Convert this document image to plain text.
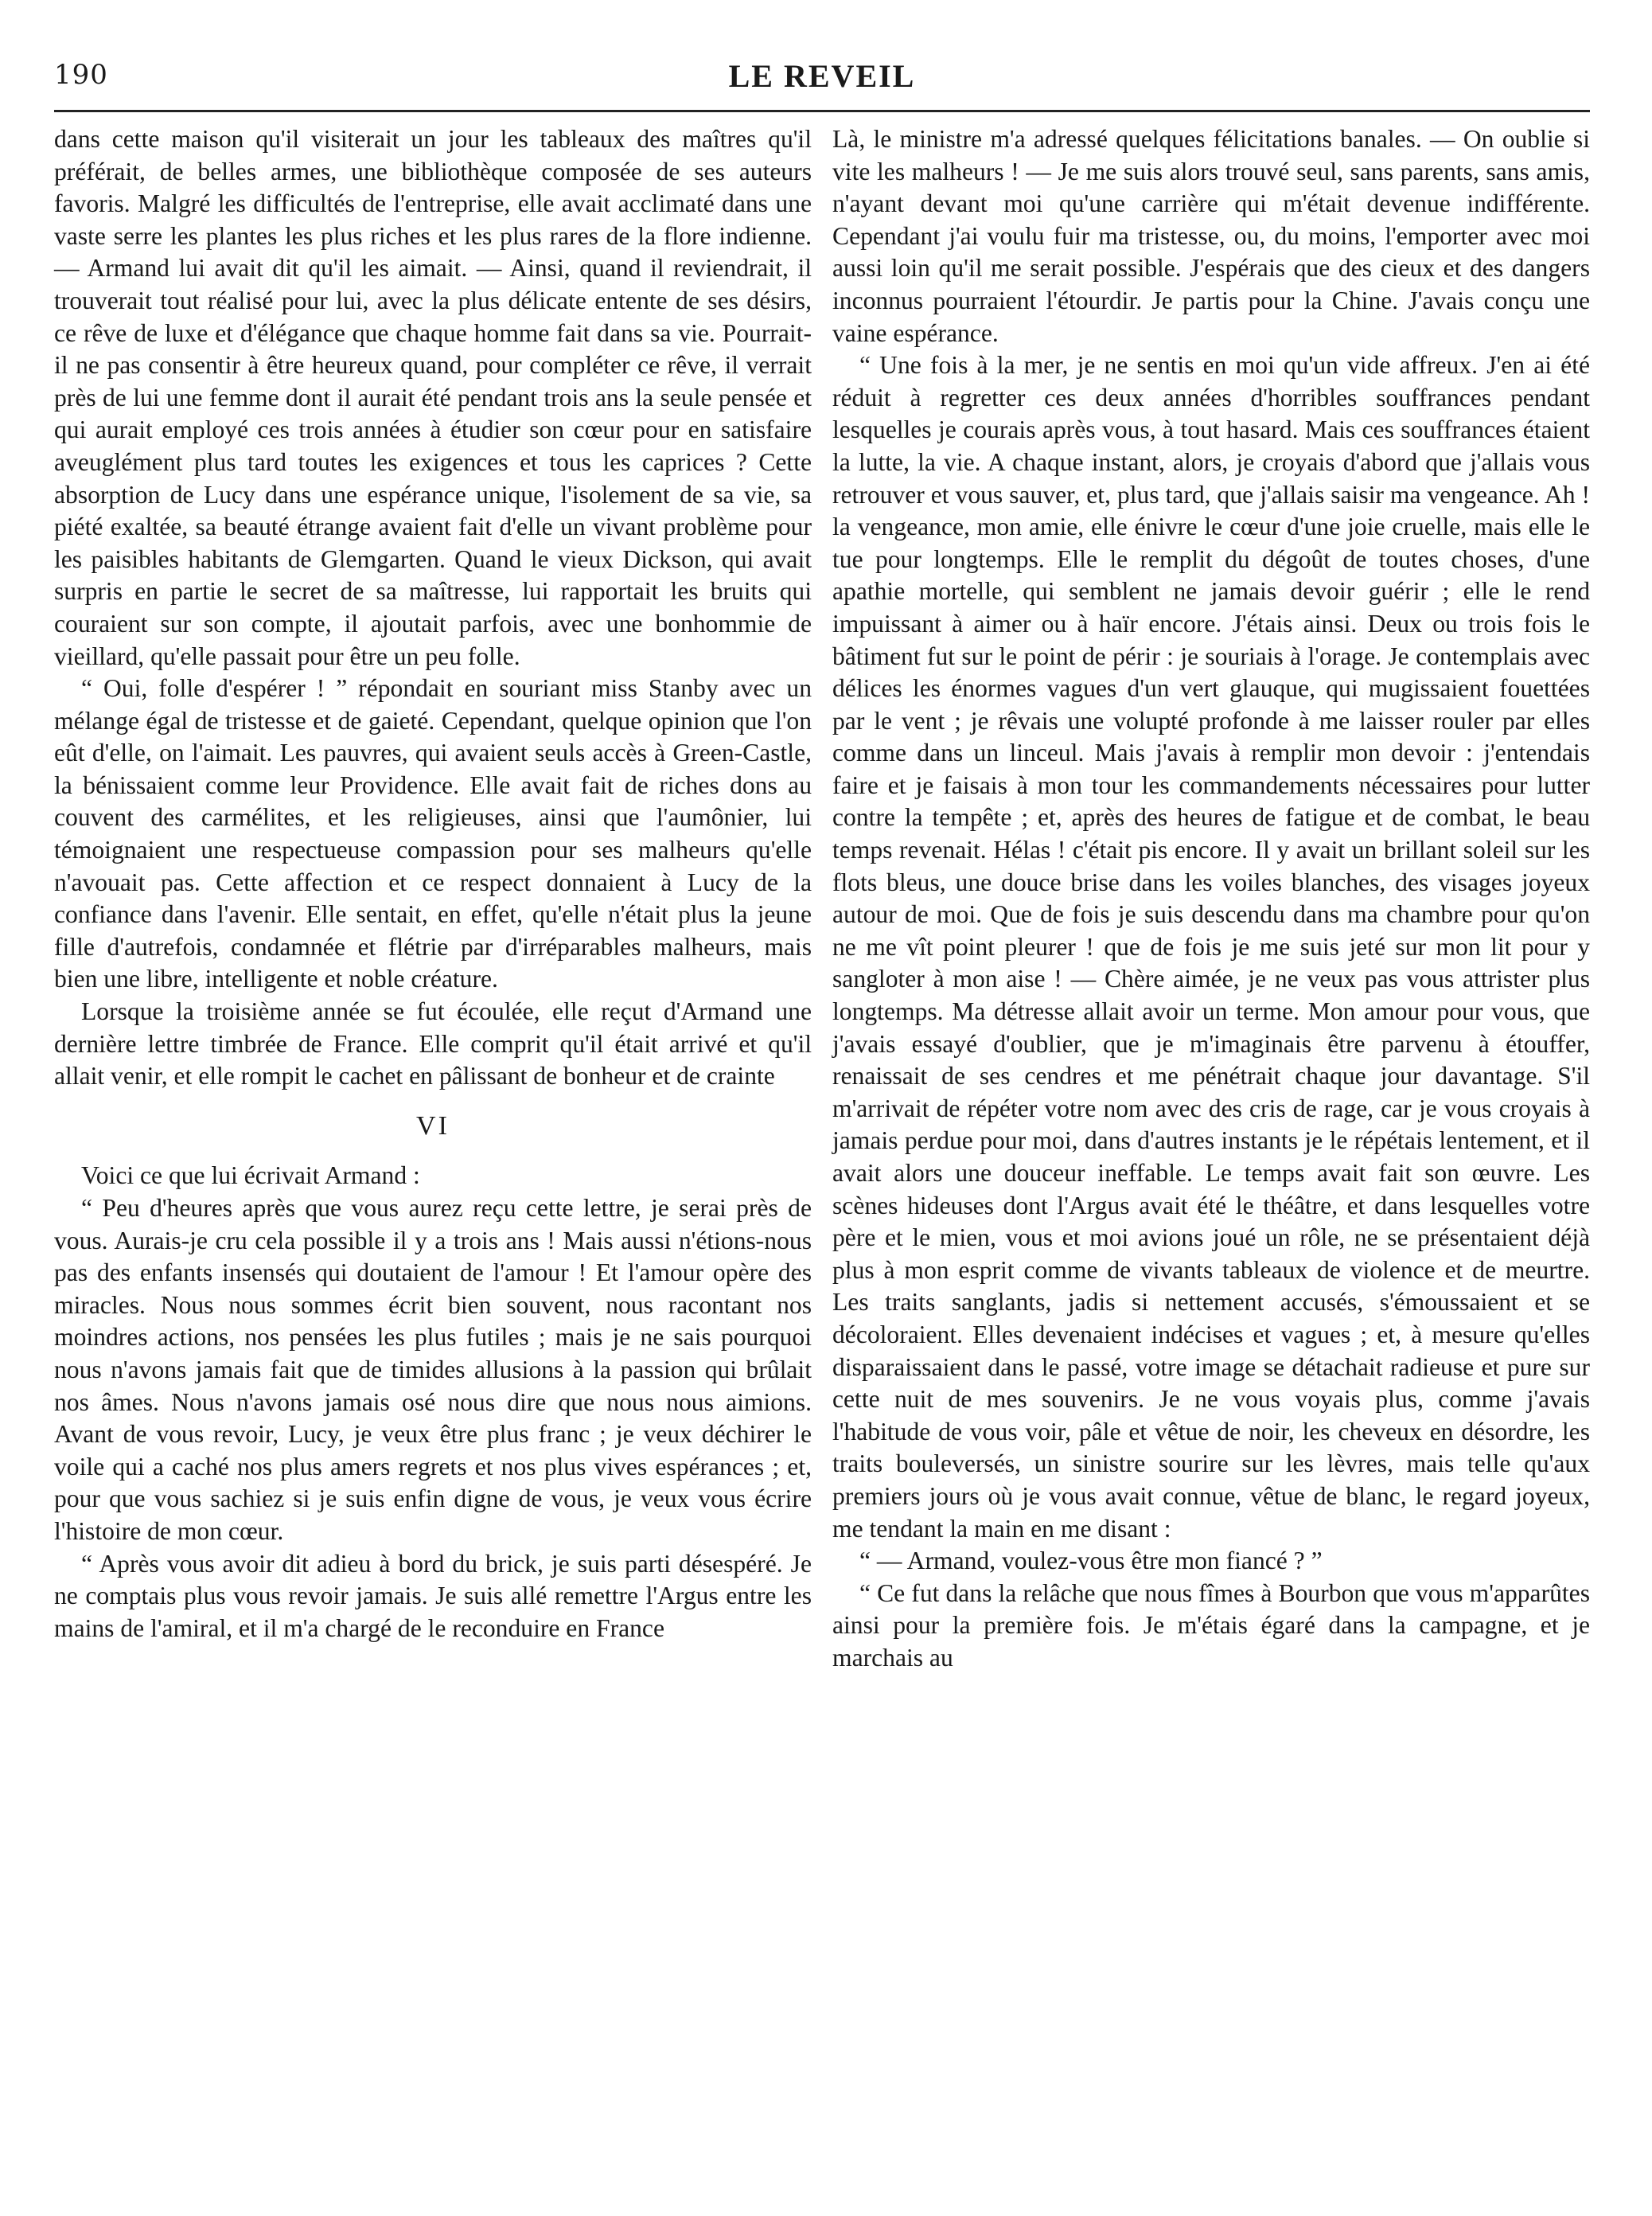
190	LE REVEIL

dans cette maison qu'il visiterait un jour les tableaux des maîtres qu'il préférait, de belles armes, une bibliothèque composée de ses auteurs favoris. Malgré les difficultés de l'entreprise, elle avait acclimaté dans une vaste serre les plantes les plus riches et les plus rares de la flore indienne. — Armand lui avait dit qu'il les aimait. — Ainsi, quand il reviendrait, il trouverait tout réalisé pour lui, avec la plus délicate entente de ses désirs, ce rêve de luxe et d'élégance que chaque homme fait dans sa vie. Pourrait-il ne pas consentir à être heureux quand, pour compléter ce rêve, il verrait près de lui une femme dont il aurait été pendant trois ans la seule pensée et qui aurait employé ces trois années à étudier son cœur pour en satisfaire aveuglément plus tard toutes les exigences et tous les caprices ? Cette absorption de Lucy dans une espérance unique, l'isolement de sa vie, sa piété exaltée, sa beauté étrange avaient fait d'elle un vivant problème pour les paisibles habitants de Glemgarten. Quand le vieux Dickson, qui avait surpris en partie le secret de sa maîtresse, lui rapportait les bruits qui couraient sur son compte, il ajoutait parfois, avec une bonhommie de vieillard, qu'elle passait pour être un peu folle.

“ Oui, folle d'espérer ! ” répondait en souriant miss Stanby avec un mélange égal de tristesse et de gaieté. Cependant, quelque opinion que l'on eût d'elle, on l'aimait. Les pauvres, qui avaient seuls accès à Green-Castle, la bénissaient comme leur Providence. Elle avait fait de riches dons au couvent des carmélites, et les religieuses, ainsi que l'aumônier, lui témoignaient une respectueuse compassion pour ses malheurs qu'elle n'avouait pas. Cette affection et ce respect donnaient à Lucy de la confiance dans l'avenir. Elle sentait, en effet, qu'elle n'était plus la jeune fille d'autrefois, condamnée et flétrie par d'irréparables malheurs, mais bien une libre, intelligente et noble créature.

Lorsque la troisième année se fut écoulée, elle reçut d'Armand une dernière lettre timbrée de France. Elle comprit qu'il était arrivé et qu'il allait venir, et elle rompit le cachet en pâlissant de bonheur et de crainte

VI

Voici ce que lui écrivait Armand :

“ Peu d'heures après que vous aurez reçu cette lettre, je serai près de vous. Aurais-je cru cela possible il y a trois ans ! Mais aussi n'étions-nous pas des enfants insensés qui doutaient de l'amour ! Et l'amour opère des miracles. Nous nous sommes écrit bien souvent, nous racontant nos moindres actions, nos pensées les plus futiles ; mais je ne sais pourquoi nous n'avons jamais fait que de timides allusions à la passion qui brûlait nos âmes. Nous n'avons jamais osé nous dire que nous nous aimions. Avant de vous revoir, Lucy, je veux être plus franc ; je veux déchirer le voile qui a caché nos plus amers regrets et nos plus vives espérances ; et, pour que vous sachiez si je suis enfin digne de vous, je veux vous écrire l'histoire de mon cœur.

“ Après vous avoir dit adieu à bord du brick, je suis parti désespéré. Je ne comptais plus vous revoir jamais. Je suis allé remettre l'Argus entre les mains de l'amiral, et il m'a chargé de le reconduire en France

Là, le ministre m'a adressé quelques félicitations banales. — On oublie si vite les malheurs ! — Je me suis alors trouvé seul, sans parents, sans amis, n'ayant devant moi qu'une carrière qui m'était devenue indifférente. Cependant j'ai voulu fuir ma tristesse, ou, du moins, l'emporter avec moi aussi loin qu'il me serait possible. J'espérais que des cieux et des dangers inconnus pourraient l'étourdir. Je partis pour la Chine. J'avais conçu une vaine espérance.

“ Une fois à la mer, je ne sentis en moi qu'un vide affreux. J'en ai été réduit à regretter ces deux années d'horribles souffrances pendant lesquelles je courais après vous, à tout hasard. Mais ces souffrances étaient la lutte, la vie. A chaque instant, alors, je croyais d'abord que j'allais vous retrouver et vous sauver, et, plus tard, que j'allais saisir ma vengeance. Ah ! la vengeance, mon amie, elle énivre le cœur d'une joie cruelle, mais elle le tue pour longtemps. Elle le remplit du dégoût de toutes choses, d'une apathie mortelle, qui semblent ne jamais devoir guérir ; elle le rend impuissant à aimer ou à haïr encore. J'étais ainsi. Deux ou trois fois le bâtiment fut sur le point de périr : je souriais à l'orage. Je contemplais avec délices les énormes vagues d'un vert glauque, qui mugissaient fouettées par le vent ; je rêvais une volupté profonde à me laisser rouler par elles comme dans un linceul. Mais j'avais à remplir mon devoir : j'entendais faire et je faisais à mon tour les commandements nécessaires pour lutter contre la tempête ; et, après des heures de fatigue et de combat, le beau temps revenait. Hélas ! c'était pis encore. Il y avait un brillant soleil sur les flots bleus, une douce brise dans les voiles blanches, des visages joyeux autour de moi. Que de fois je suis descendu dans ma chambre pour qu'on ne me vît point pleurer ! que de fois je me suis jeté sur mon lit pour y sangloter à mon aise ! — Chère aimée, je ne veux pas vous attrister plus longtemps. Ma détresse allait avoir un terme. Mon amour pour vous, que j'avais essayé d'oublier, que je m'imaginais être parvenu à étouffer, renaissait de ses cendres et me pénétrait chaque jour davantage. S'il m'arrivait de répéter votre nom avec des cris de rage, car je vous croyais à jamais perdue pour moi, dans d'autres instants je le répétais lentement, et il avait alors une douceur ineffable. Le temps avait fait son œuvre. Les scènes hideuses dont l'Argus avait été le théâtre, et dans lesquelles votre père et le mien, vous et moi avions joué un rôle, ne se présentaient déjà plus à mon esprit comme de vivants tableaux de violence et de meurtre. Les traits sanglants, jadis si nettement accusés, s'émoussaient et se décoloraient. Elles devenaient indécises et vagues ; et, à mesure qu'elles disparaissaient dans le passé, votre image se détachait radieuse et pure sur cette nuit de mes souvenirs. Je ne vous voyais plus, comme j'avais l'habitude de vous voir, pâle et vêtue de noir, les cheveux en désordre, les traits bouleversés, un sinistre sourire sur les lèvres, mais telle qu'aux premiers jours où je vous avait connue, vêtue de blanc, le regard joyeux, me tendant la main en me disant :

“ — Armand, voulez-vous être mon fiancé ? ”

“ Ce fut dans la relâche que nous fîmes à Bourbon que vous m'apparûtes ainsi pour la première fois. Je m'étais égaré dans la campagne, et je marchais au
